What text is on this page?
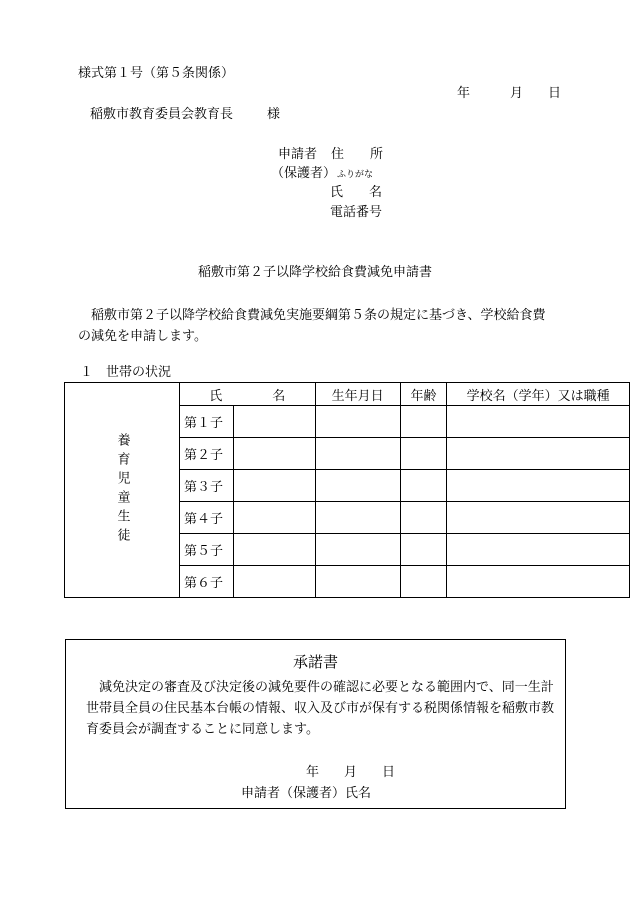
様式第１号（第５条関係）
年	月 日
稲敷市教育委員会教育長	様
申請者 住　　所
（保護者） ふりがな
氏　　名
電話番号
稲敷市第２子以降学校給食費減免申請書
稲敷市第２子以降学校給食費減免実施要綱第５条の規定に基づき、学校給食費の減免を申請します。
１　世帯の状況
養育児童生徒	氏 名		生年月日	年齢	学校名（学年）又は職種
	第１子				
	第２子				
	第３子				
	第４子				
	第５子				
	第６子				
承諾書
減免決定の審査及び決定後の減免要件の確認に必要となる範囲内で、同一生計世帯員全員の住民基本台帳の情報、収入及び市が保有する税関係情報を稲敷市教育委員会が調査することに同意します。
年 月 日
申請者（保護者）氏名
